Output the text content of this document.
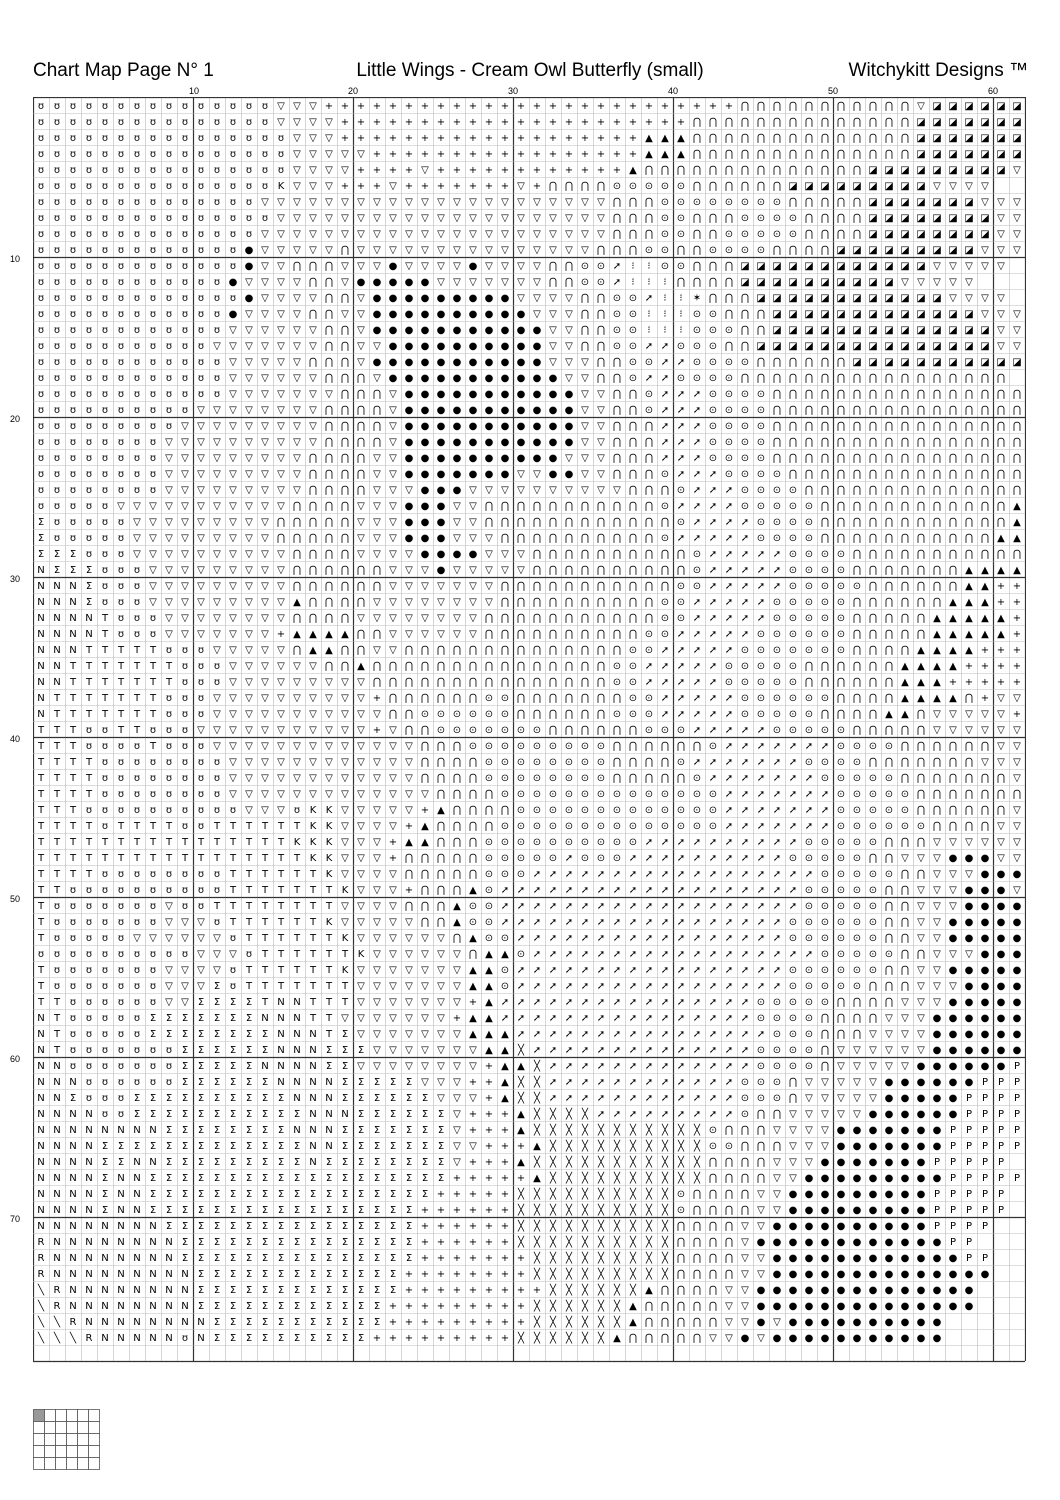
Chart Map Page N° 1	Little Wings - Cream Owl Butterfly (small)	Witchykitt Designs ™
10	20	30	40	50	60
10
20
30
40
50
60
70
ʊ ʊ ʊ ʊ ʊ ʊ ʊ ʊ ʊ ʊ ʊ ʊ ʊ ʊ ʊ ▽ ▽ ▽ + + + + + + + + + + + + + + + + + + + + + + + + + + ⋂ ⋂ ⋂ ⋂ ⋂ ⋂ ⋂ ⋂ ⋂ ⋂ ⋂ ▽ ◪ ◪ ◪ ◪ ◪ ◪
ʊ ʊ ʊ ʊ ʊ ʊ ʊ ʊ ʊ ʊ ʊ ʊ ʊ ʊ ʊ ▽ ▽ ▽ ▽ + + + + + + + + + + + + + + + + + + + + + + ⋂ ⋂ ⋂ ⋂ ⋂ ⋂ ⋂ ⋂ ⋂ ⋂ ⋂ ⋂ ⋂ ⋂ ◪ ◪ ◪ ◪ ◪ ◪ ◪
ʊ ʊ ʊ ʊ ʊ ʊ ʊ ʊ ʊ ʊ ʊ ʊ ʊ ʊ ʊ ʊ ▽ ▽ ▽ + + + + + + + + + + + + + + + + + + + ▲ ▲ ▲ ⋂ ⋂ ⋂ ⋂ ⋂ ⋂ ⋂ ⋂ ⋂ ⋂ ⋂ ⋂ ⋂ ⋂ ◪ ◪ ◪ ◪ ◪ ◪ ◪
ʊ ʊ ʊ ʊ ʊ ʊ ʊ ʊ ʊ ʊ ʊ ʊ ʊ ʊ ʊ ʊ ▽ ▽ ▽ ▽ ▽ + + + + + + + + + + + + + + + + + ▲ ▲ ▲ ⋂ ⋂ ⋂ ⋂ ⋂ ⋂ ⋂ ⋂ ⋂ ⋂ ⋂ ⋂ ⋂ ⋂ ◪ ◪ ◪ ◪ ◪ ◪ ◪
ʊ ʊ ʊ ʊ ʊ ʊ ʊ ʊ ʊ ʊ ʊ ʊ ʊ ʊ ʊ ʊ ▽ ▽ ▽ ▽ + + + + ▽ + + + + + + + + + + + + ▲ ⋂ ⋂ ⋂ ⋂ ⋂ ⋂ ⋂ ⋂ ⋂ ⋂ ⋂ ⋂ ⋂ ⋂ ◪ ◪ ◪ ◪ ◪ ◪ ◪ ◪ ◪ ▽
ʊ ʊ ʊ ʊ ʊ ʊ ʊ ʊ ʊ ʊ ʊ ʊ ʊ ʊ ʊ K ▽ ▽ ▽ + + + ▽ + + + + + + + ▽ + ⋂ ⋂ ⋂ ⋂ ⊙ ⊙ ⊙ ⊙ ⊙ ⋂ ⋂ ⋂ ⋂ ⋂ ⋂ ◪ ◪ ◪ ◪ ◪ ◪ ◪ ◪ ◪ ▽ ▽ ▽ ▽
ʊ ʊ ʊ ʊ ʊ ʊ ʊ ʊ ʊ ʊ ʊ ʊ ʊ ʊ ▽ ▽ ▽ ▽ ▽ ▽ ▽ ▽ ▽ ▽ ▽ ▽ ▽ ▽ ▽ ▽ ▽ ▽ ▽ ▽ ▽ ▽ ⋂ ⋂ ⋂ ⊙ ⊙ ⊙ ⊙ ⊙ ⊙ ⊙ ⊙ ⋂ ⋂ ⋂ ⋂ ⋂ ◪ ◪ ◪ ◪ ◪ ◪ ◪ ▽ ▽ ▽
ʊ ʊ ʊ ʊ ʊ ʊ ʊ ʊ ʊ ʊ ʊ ʊ ʊ ʊ ʊ ▽ ▽ ▽ ▽ ▽ ▽ ▽ ▽ ▽ ▽ ▽ ▽ ▽ ▽ ▽ ▽ ▽ ▽ ▽ ▽ ▽ ⋂ ⋂ ⋂ ⊙ ⊙ ⋂ ⋂ ⋂ ⊙ ⊙ ⊙ ⊙ ⋂ ⋂ ⋂ ⋂ ◪ ◪ ◪ ◪ ◪ ◪ ◪ ◪ ▽ ▽
ʊ ʊ ʊ ʊ ʊ ʊ ʊ ʊ ʊ ʊ ʊ ʊ ʊ ʊ ▽ ▽ ▽ ▽ ▽ ▽ ▽ ▽ ▽ ▽ ▽ ▽ ▽ ▽ ▽ ▽ ▽ ▽ ▽ ▽ ▽ ▽ ⋂ ⋂ ⋂ ⊙ ⊙ ⋂ ⋂ ⊙ ⊙ ⊙ ⊙ ⊙ ⋂ ⋂ ⋂ ⋂ ◪ ◪ ◪ ◪ ◪ ◪ ◪ ◪ ▽ ▽
ʊ ʊ ʊ ʊ ʊ ʊ ʊ ʊ ʊ ʊ ʊ ʊ ʊ ● ▽ ▽ ▽ ▽ ▽ ⋂ ▽ ▽ ▽ ▽ ▽ ▽ ▽ ▽ ▽ ▽ ▽ ▽ ▽ ▽ ▽ ⋂ ⋂ ⋂ ⊙ ⊙ ⋂ ⋂ ⊙ ⊙ ⊙ ⊙ ⋂ ⋂ ⋂ ⋂ ◪ ◪ ◪ ◪ ◪ ◪ ◪ ◪ ◪ ▽ ▽ ▽
ʊ ʊ ʊ ʊ ʊ ʊ ʊ ʊ ʊ ʊ ʊ ʊ ʊ ● ▽ ▽ ⋂ ⋂ ⋂ ▽ ▽ ▽ ● ▽ ▽ ▽ ▽ ● ▽ ▽ ▽ ▽ ⋂ ⋂ ⊙ ⊙ ➚ ⁝ ⁝ ⊙ ⊙ ⋂ ⋂ ⋂ ◪ ◪ ◪ ◪ ◪ ◪ ◪ ◪ ◪ ◪ ◪ ◪ ▽ ▽ ▽ ▽ ▽
ʊ ʊ ʊ ʊ ʊ ʊ ʊ ʊ ʊ ʊ ʊ ʊ ● ▽ ▽ ▽ ▽ ⋂ ⋂ ▽ ● ● ● ● ● ▽ ▽ ▽ ▽ ▽ ▽ ▽ ⋂ ⋂ ⊙ ⊙ ➚ ⁝ ⁝ ⁝ ⋂ ⋂ ⋂ ⋂ ◪ ◪ ◪ ◪ ◪ ◪ ◪ ◪ ◪ ◪ ▽ ▽ ▽ ▽ ▽
ʊ ʊ ʊ ʊ ʊ ʊ ʊ ʊ ʊ ʊ ʊ ʊ ʊ ● ▽ ▽ ▽ ▽ ⋂ ⋂ ▽ ● ● ● ● ● ● ● ● ● ▽ ▽ ▽ ▽ ⋂ ⋂ ⊙ ⊙ ➚ ⁝ ⁝ ✶ ⋂ ⋂ ⋂ ◪ ◪ ◪ ◪ ◪ ◪ ◪ ◪ ◪ ◪ ◪ ◪ ▽ ▽ ▽ ▽
ʊ ʊ ʊ ʊ ʊ ʊ ʊ ʊ ʊ ʊ ʊ ʊ ● ▽ ▽ ▽ ▽ ⋂ ⋂ ▽ ▽ ● ● ● ● ● ● ● ● ● ● ▽ ▽ ▽ ⋂ ⋂ ⊙ ⊙ ⁝ ⁝ ⁝ ⊙ ⊙ ⋂ ⋂ ⋂ ◪ ◪ ◪ ◪ ◪ ◪ ◪ ◪ ◪ ◪ ◪ ◪ ◪ ▽ ▽ ▽
ʊ ʊ ʊ ʊ ʊ ʊ ʊ ʊ ʊ ʊ ʊ ʊ ▽ ▽ ▽ ▽ ▽ ▽ ⋂ ⋂ ▽ ● ● ● ● ● ● ● ● ● ● ● ▽ ▽ ⋂ ⋂ ⊙ ⊙ ⁝ ⁝ ⁝ ⊙ ⊙ ⊙ ⋂ ⋂ ◪ ◪ ◪ ◪ ◪ ◪ ◪ ◪ ◪ ◪ ◪ ◪ ◪ ◪ ▽ ▽
ʊ ʊ ʊ ʊ ʊ ʊ ʊ ʊ ʊ ʊ ʊ ▽ ▽ ▽ ▽ ▽ ▽ ▽ ⋂ ⋂ ▽ ▽ ● ● ● ● ● ● ● ● ● ● ▽ ▽ ⋂ ⋂ ⊙ ⊙ ➚ ➚ ⊙ ⊙ ⊙ ⋂ ⋂ ◪ ◪ ◪ ◪ ◪ ◪ ◪ ◪ ◪ ◪ ◪ ◪ ◪ ◪ ◪ ▽ ▽
ʊ ʊ ʊ ʊ ʊ ʊ ʊ ʊ ʊ ʊ ʊ ʊ ▽ ▽ ▽ ▽ ▽ ⋂ ⋂ ⋂ ▽ ● ● ● ● ● ● ● ● ● ● ● ▽ ▽ ▽ ⋂ ⋂ ⊙ ⊙ ➚ ➚ ⊙ ⊙ ⊙ ⊙ ⋂ ⋂ ⋂ ⋂ ⋂ ⋂ ◪ ◪ ◪ ◪ ◪ ◪ ◪ ◪ ◪ ◪ ◪
ʊ ʊ ʊ ʊ ʊ ʊ ʊ ʊ ʊ ʊ ʊ ʊ ▽ ▽ ▽ ▽ ▽ ▽ ⋂ ⋂ ⋂ ▽ ● ● ● ● ● ● ● ● ● ● ● ▽ ▽ ⋂ ⋂ ⊙ ➚ ➚ ⊙ ⊙ ⊙ ⊙ ⋂ ⋂ ⋂ ⋂ ⋂ ⋂ ⋂ ⋂ ⋂ ⋂ ⋂ ⋂ ⋂ ⋂ ⋂ ⋂ ⋂
ʊ ʊ ʊ ʊ ʊ ʊ ʊ ʊ ʊ ʊ ʊ ʊ ▽ ▽ ▽ ▽ ▽ ▽ ▽ ⋂ ⋂ ⋂ ▽ ● ● ● ● ● ● ● ● ● ● ● ▽ ▽ ⋂ ⋂ ⊙ ➚ ➚ ➚ ⊙ ⊙ ⊙ ⊙ ⋂ ⋂ ⋂ ⋂ ⋂ ⋂ ⋂ ⋂ ⋂ ⋂ ⋂ ⋂ ⋂ ⋂ ⋂ ⋂
ʊ ʊ ʊ ʊ ʊ ʊ ʊ ʊ ʊ ʊ ▽ ▽ ▽ ▽ ▽ ▽ ▽ ▽ ⋂ ⋂ ⋂ ⋂ ▽ ● ● ● ● ● ● ● ● ● ● ● ▽ ▽ ⋂ ⋂ ⊙ ➚ ➚ ➚ ⊙ ⊙ ⊙ ⊙ ⋂ ⋂ ⋂ ⋂ ⋂ ⋂ ⋂ ⋂ ⋂ ⋂ ⋂ ⋂ ⋂ ⋂ ⋂ ⋂
ʊ ʊ ʊ ʊ ʊ ʊ ʊ ʊ ʊ ▽ ▽ ▽ ▽ ▽ ▽ ▽ ▽ ▽ ⋂ ⋂ ⋂ ⋂ ▽ ● ● ● ● ● ● ● ● ● ● ● ▽ ▽ ⋂ ⋂ ⋂ ➚ ➚ ➚ ⊙ ⊙ ⊙ ⊙ ⋂ ⋂ ⋂ ⋂ ⋂ ⋂ ⋂ ⋂ ⋂ ⋂ ⋂ ⋂ ⋂ ⋂ ⋂ ⋂
ʊ ʊ ʊ ʊ ʊ ʊ ʊ ʊ ▽ ▽ ▽ ▽ ▽ ▽ ▽ ▽ ▽ ▽ ⋂ ⋂ ⋂ ⋂ ▽ ● ● ● ● ● ● ● ● ● ● ● ▽ ▽ ⋂ ⋂ ⋂ ➚ ➚ ➚ ⊙ ⊙ ⊙ ⊙ ⋂ ⋂ ⋂ ⋂ ⋂ ⋂ ⋂ ⋂ ⋂ ⋂ ⋂ ⋂ ⋂ ⋂ ⋂ ⋂
ʊ ʊ ʊ ʊ ʊ ʊ ʊ ʊ ▽ ▽ ▽ ▽ ▽ ▽ ▽ ▽ ▽ ⋂ ⋂ ⋂ ⋂ ▽ ▽ ● ● ● ● ● ● ● ● ● ● ▽ ▽ ▽ ⋂ ⋂ ⋂ ➚ ➚ ➚ ⊙ ⊙ ⊙ ⊙ ⋂ ⋂ ⋂ ⋂ ⋂ ⋂ ⋂ ⋂ ⋂ ⋂ ⋂ ⋂ ⋂ ⋂ ⋂ ⋂
ʊ ʊ ʊ ʊ ʊ ʊ ʊ ʊ ▽ ▽ ▽ ▽ ▽ ▽ ▽ ▽ ▽ ⋂ ⋂ ⋂ ⋂ ▽ ▽ ● ● ● ● ● ● ● ▽ ▽ ● ● ▽ ▽ ⋂ ⋂ ⋂ ⊙ ➚ ➚ ➚ ⊙ ⊙ ⊙ ⊙ ⋂ ⋂ ⋂ ⋂ ⋂ ⋂ ⋂ ⋂ ⋂ ⋂ ⋂ ⋂ ⋂ ⋂ ⋂
ʊ ʊ ʊ ʊ ʊ ʊ ʊ ʊ ▽ ▽ ▽ ▽ ▽ ▽ ▽ ▽ ▽ ⋂ ⋂ ⋂ ⋂ ▽ ▽ ▽ ● ● ● ▽ ▽ ▽ ▽ ▽ ▽ ▽ ▽ ▽ ▽ ⋂ ⋂ ⋂ ⊙ ➚ ➚ ➚ ⊙ ⊙ ⊙ ⊙ ⋂ ⋂ ⋂ ⋂ ⋂ ⋂ ⋂ ⋂ ⋂ ⋂ ⋂ ⋂ ⋂ ⋂
ʊ ʊ ʊ ʊ ʊ ▽ ▽ ▽ ▽ ▽ ▽ ▽ ▽ ▽ ▽ ▽ ⋂ ⋂ ⋂ ⋂ ▽ ▽ ▽ ● ● ● ▽ ▽ ⋂ ⋂ ⋂ ⋂ ⋂ ⋂ ⋂ ⋂ ⋂ ⋂ ⋂ ⊙ ➚ ➚ ➚ ➚ ⊙ ⊙ ⊙ ⊙ ⊙ ⋂ ⋂ ⋂ ⋂ ⋂ ⋂ ⋂ ⋂ ⋂ ⋂ ⋂ ⋂ ▲
Σ ʊ ʊ ʊ ʊ ʊ ▽ ▽ ▽ ▽ ▽ ▽ ▽ ▽ ▽ ⋂ ⋂ ⋂ ⋂ ⋂ ▽ ▽ ▽ ● ● ● ▽ ▽ ⋂ ⋂ ⋂ ⋂ ⋂ ⋂ ⋂ ⋂ ⋂ ⋂ ⋂ ⋂ ⊙ ➚ ➚ ➚ ➚ ⊙ ⊙ ⊙ ⊙ ⋂ ⋂ ⋂ ⋂ ⋂ ⋂ ⋂ ⋂ ⋂ ⋂ ⋂ ⋂ ▲
Σ ʊ ʊ ʊ ʊ ʊ ▽ ▽ ▽ ▽ ▽ ▽ ▽ ▽ ▽ ⋂ ⋂ ⋂ ⋂ ⋂ ▽ ▽ ▽ ● ● ● ▽ ▽ ▽ ⋂ ⋂ ⋂ ⋂ ⋂ ⋂ ⋂ ⋂ ⋂ ⋂ ⊙ ➚ ➚ ➚ ➚ ➚ ⊙ ⊙ ⊙ ⊙ ⋂ ⋂ ⋂ ⋂ ⋂ ⋂ ⋂ ⋂ ⋂ ⋂ ⋂ ▲ ▲
Σ Σ Σ ʊ ʊ ʊ ▽ ▽ ▽ ▽ ▽ ▽ ▽ ▽ ▽ ▽ ⋂ ⋂ ⋂ ⋂ ▽ ▽ ▽ ▽ ● ● ● ● ▽ ▽ ▽ ⋂ ⋂ ⋂ ⋂ ⋂ ⋂ ⋂ ⋂ ⋂ ⋂ ⊙ ➚ ➚ ➚ ➚ ➚ ⊙ ⊙ ⊙ ⊙ ⋂ ⋂ ⋂ ⋂ ⋂ ⋂ ⋂ ⋂ ⋂ ⋂ ⋂
N Σ Σ Σ ʊ ʊ ʊ ▽ ▽ ▽ ▽ ▽ ▽ ▽ ▽ ▽ ⋂ ⋂ ⋂ ⋂ ⋂ ⋂ ▽ ▽ ▽ ● ▽ ▽ ▽ ▽ ▽ ⋂ ⋂ ⋂ ⋂ ⋂ ⋂ ⋂ ⋂ ⋂ ⋂ ⊙ ➚ ➚ ➚ ➚ ➚ ⊙ ⊙ ⊙ ⊙ ⋂ ⋂ ⋂ ⋂ ⋂ ⋂ ⋂ ▲ ▲ ▲ ▲
N N N Σ ʊ ʊ ʊ ▽ ▽ ▽ ▽ ▽ ▽ ▽ ▽ ▽ ⋂ ⋂ ⋂ ⋂ ⋂ ⋂ ▽ ▽ ▽ ▽ ▽ ▽ ▽ ⋂ ⋂ ⋂ ⋂ ⋂ ⋂ ⋂ ⋂ ⋂ ⋂ ⋂ ⊙ ⊙ ➚ ➚ ➚ ➚ ➚ ⊙ ⊙ ⊙ ⊙ ⊙ ⋂ ⋂ ⋂ ⋂ ⋂ ⋂ ▲ ▲ + +
N N N Σ ʊ ʊ ʊ ▽ ▽ ▽ ▽ ▽ ▽ ▽ ▽ ▽ ▲ ⋂ ⋂ ⋂ ⋂ ▽ ▽ ▽ ▽ ▽ ▽ ▽ ▽ ⋂ ⋂ ⋂ ⋂ ⋂ ⋂ ⋂ ⋂ ⋂ ⋂ ⊙ ⊙ ➚ ➚ ➚ ➚ ➚ ⊙ ⊙ ⊙ ⊙ ⊙ ⋂ ⋂ ⋂ ⋂ ⋂ ⋂ ▲ ▲ ▲ + +
N N N N T ʊ ʊ ʊ ▽ ▽ ▽ ▽ ▽ ▽ ▽ ▽ ⋂ ⋂ ⋂ ⋂ ▽ ▽ ▽ ▽ ▽ ▽ ▽ ▽ ⋂ ⋂ ⋂ ⋂ ⋂ ⋂ ⋂ ⋂ ⋂ ⋂ ⋂ ⊙ ⊙ ➚ ➚ ➚ ➚ ➚ ⊙ ⊙ ⊙ ⊙ ⊙ ⋂ ⋂ ⋂ ⋂ ⋂ ▲ ▲ ▲ ▲ ▲ +
N N N N T ʊ ʊ ʊ ▽ ▽ ▽ ▽ ▽ ▽ ▽ + ▲ ▲ ▲ ▲ ⋂ ⋂ ▽ ▽ ▽ ▽ ▽ ▽ ⋂ ⋂ ⋂ ⋂ ⋂ ⋂ ⋂ ⋂ ⋂ ⋂ ⊙ ⊙ ➚ ➚ ➚ ➚ ➚ ⊙ ⊙ ⊙ ⊙ ⊙ ⊙ ⋂ ⋂ ⋂ ⋂ ⋂ ▲ ▲ ▲ ▲ ▲ +
N N N T T T T T ʊ ʊ ʊ ▽ ▽ ▽ ▽ ▽ ⋂ ▲ ▲ ⋂ ⋂ ▽ ▽ ⋂ ⋂ ⋂ ⋂ ⋂ ⋂ ⋂ ⋂ ⋂ ⋂ ⋂ ⋂ ⋂ ⋂ ⊙ ⊙ ➚ ➚ ➚ ➚ ➚ ⊙ ⊙ ⊙ ⊙ ⊙ ⊙ ⊙ ⋂ ⋂ ⋂ ⋂ ▲ ▲ ▲ ▲ + + +
N N T T T T T T T ʊ ʊ ʊ ▽ ▽ ▽ ▽ ▽ ▽ ⋂ ⋂ ▲ ⋂ ⋂ ⋂ ⋂ ⋂ ⋂ ⋂ ⋂ ⋂ ⋂ ⋂ ⋂ ⋂ ⋂ ⋂ ⊙ ⊙ ➚ ➚ ➚ ➚ ➚ ⊙ ⊙ ⊙ ⊙ ⊙ ⋂ ⋂ ⋂ ⋂ ⋂ ⋂ ▲ ▲ ▲ ▲ + + + +
N N T T T T T T T ʊ ʊ ʊ ▽ ▽ ▽ ▽ ▽ ▽ ▽ ▽ ▽ ⋂ ⋂ ⋂ ⋂ ⋂ ⋂ ⋂ ⋂ ⋂ ⋂ ⋂ ⋂ ⋂ ⋂ ⋂ ⊙ ⊙ ➚ ➚ ➚ ➚ ➚ ⊙ ⊙ ⊙ ⊙ ⊙ ⋂ ⋂ ⋂ ⋂ ⋂ ⋂ ▲ ▲ ▲ + + + + +
N T T T T T T T ʊ ʊ ʊ ▽ ▽ ▽ ▽ ▽ ▽ ▽ ▽ ▽ ▽ + ⋂ ⋂ ⋂ ⋂ ⋂ ⋂ ⊙ ⊙ ⋂ ⋂ ⋂ ⋂ ⋂ ⋂ ⋂ ⊙ ⊙ ➚ ➚ ➚ ➚ ➚ ⊙ ⊙ ⊙ ⊙ ⊙ ⊙ ⋂ ⋂ ⋂ ⋂ ▲ ▲ ▲ ▲ ⋂ + ▽ ▽
N T T T T T T T ʊ ʊ ʊ ▽ ▽ ▽ ▽ ▽ ▽ ▽ ▽ ▽ ▽ ▽ ⋂ ⋂ ⊙ ⊙ ⊙ ⊙ ⊙ ⊙ ⋂ ⋂ ⋂ ⋂ ⋂ ⋂ ⊙ ⊙ ⊙ ➚ ➚ ➚ ➚ ➚ ⊙ ⊙ ⊙ ⊙ ⊙ ⋂ ⋂ ⋂ ⋂ ▲ ▲ ⋂ ▽ ▽ ▽ ▽ ▽ +
T T T ʊ ʊ T T ʊ ʊ ʊ ▽ ▽ ▽ ▽ ▽ ▽ ▽ ▽ ▽ ▽ ▽ + ▽ ⋂ ⋂ ⊙ ⊙ ⊙ ⊙ ⊙ ⊙ ⊙ ⋂ ⋂ ⋂ ⋂ ⋂ ⋂ ⊙ ⊙ ⊙ ➚ ➚ ➚ ➚ ➚ ⊙ ⊙ ⊙ ⊙ ⊙ ⋂ ⋂ ⋂ ⋂ ⋂ ▽ ▽ ▽ ▽ ▽ ▽
T T T ʊ ʊ ʊ ʊ T ʊ ʊ ʊ ▽ ▽ ▽ ▽ ▽ ▽ ▽ ▽ ▽ ▽ ▽ ▽ ▽ ⋂ ⋂ ⋂ ⊙ ⊙ ⊙ ⊙ ⊙ ⊙ ⊙ ⊙ ⊙ ⋂ ⋂ ⋂ ⋂ ⋂ ⋂ ⊙ ➚ ➚ ➚ ➚ ➚ ➚ ➚ ⊙ ⊙ ⊙ ⊙ ⋂ ⋂ ⋂ ⋂ ⋂ ⋂ ▽ ▽
T T T T ʊ ʊ ʊ ʊ ʊ ʊ ʊ ʊ ▽ ▽ ▽ ▽ ▽ ▽ ▽ ▽ ▽ ▽ ▽ ▽ ⋂ ⋂ ⋂ ⋂ ⊙ ⊙ ⊙ ⊙ ⊙ ⊙ ⊙ ⊙ ⋂ ⋂ ⋂ ⋂ ⊙ ➚ ➚ ➚ ➚ ➚ ➚ ➚ ⊙ ⊙ ⊙ ⊙ ⋂ ⋂ ⋂ ⋂ ⋂ ⋂ ⋂ ▽ ▽ ▽
T T T T ʊ ʊ ʊ ʊ ʊ ʊ ʊ ʊ ▽ ▽ ▽ ▽ ▽ ▽ ▽ ▽ ▽ ▽ ▽ ▽ ⋂ ⋂ ⋂ ⋂ ⊙ ⊙ ⊙ ⊙ ⊙ ⊙ ⊙ ⊙ ⋂ ⋂ ⋂ ⋂ ⋂ ⊙ ➚ ➚ ➚ ➚ ➚ ➚ ➚ ⊙ ⊙ ⊙ ⊙ ⊙ ⋂ ⋂ ⋂ ⋂ ⋂ ⋂ ⋂ ▽
T T T T ʊ ʊ ʊ ʊ ʊ ʊ ʊ ʊ ▽ ▽ ▽ ▽ ▽ ▽ ▽ ▽ ▽ ▽ ▽ ▽ ▽ ⋂ ⋂ ⋂ ⋂ ⊙ ⊙ ⊙ ⊙ ⊙ ⊙ ⊙ ⊙ ⊙ ⊙ ⊙ ⊙ ⊙ ⊙ ➚ ➚ ➚ ➚ ➚ ➚ ➚ ⊙ ⊙ ⊙ ⊙ ⊙ ⋂ ⋂ ⋂ ⋂ ⋂ ⋂ ⋂
T T T ʊ ʊ ʊ ʊ ʊ ʊ ʊ ʊ ʊ ʊ ▽ ▽ ▽ ʊ K K ▽ ▽ ▽ ▽ ▽ + ▲ ⋂ ⋂ ⋂ ⋂ ⊙ ⊙ ⊙ ⊙ ⊙ ⊙ ⊙ ⊙ ⊙ ⊙ ⊙ ⊙ ⊙ ➚ ➚ ➚ ➚ ➚ ➚ ➚ ⊙ ⊙ ⊙ ⊙ ⊙ ⋂ ⋂ ⋂ ⋂ ⋂ ⋂ ▽
T T T T ʊ T T T T ʊ ʊ T T T T T T K K ▽ ▽ ▽ ▽ + ▲ ⋂ ⋂ ⋂ ⋂ ⊙ ⊙ ⊙ ⊙ ⊙ ⊙ ⊙ ⊙ ⊙ ⊙ ⊙ ⊙ ⊙ ⊙ ➚ ➚ ➚ ➚ ➚ ➚ ➚ ⊙ ⊙ ⊙ ⊙ ⊙ ⊙ ⋂ ⋂ ⋂ ⋂ ▽ ▽
T T T T T T T T T T T T T T T T K K K ▽ ▽ ▽ + ▲ ▲ ⋂ ⋂ ⋂ ⊙ ⊙ ⊙ ⊙ ⊙ ⊙ ⊙ ⊙ ⊙ ⊙ ➚ ➚ ➚ ➚ ➚ ➚ ➚ ➚ ➚ ➚ ⊙ ⊙ ⊙ ⊙ ⊙ ⋂ ⋂ ⋂ ▽ ▽ ▽ ▽ ▽ ▽
T T T T T T T T T T T T T T T T T K K ▽ ▽ ▽ + ⋂ ⋂ ⋂ ⋂ ⋂ ⊙ ⊙ ⊙ ⊙ ⊙ ➚ ⊙ ⊙ ⊙ ➚ ➚ ➚ ➚ ➚ ➚ ➚ ➚ ➚ ➚ ⊙ ⊙ ⊙ ⊙ ⊙ ⋂ ⋂ ▽ ▽ ▽ ● ● ● ▽ ▽
T T T T ʊ ʊ ʊ ʊ ʊ ʊ ʊ ʊ T T T T T T K ▽ ▽ ▽ ▽ ⋂ ⋂ ⋂ ⋂ ⋂ ⊙ ⊙ ⊙ ➚ ➚ ➚ ➚ ➚ ➚ ➚ ➚ ➚ ➚ ➚ ➚ ➚ ➚ ➚ ➚ ➚ ➚ ⊙ ⊙ ⊙ ⊙ ⊙ ⋂ ⋂ ▽ ▽ ▽ ● ● ●
T T ʊ ʊ ʊ ʊ ʊ ʊ ʊ ʊ ʊ ʊ T T T T T T T K ▽ ▽ ▽ + ⋂ ⋂ ⋂ ▲ ⊙ ➚ ➚ ➚ ➚ ➚ ➚ ➚ ➚ ➚ ➚ ➚ ➚ ➚ ➚ ➚ ➚ ➚ ➚ ➚ ⊙ ⊙ ⊙ ⊙ ⊙ ⋂ ⋂ ▽ ▽ ▽ ● ● ● ▽
T ʊ ʊ ʊ ʊ ʊ ʊ ʊ ▽ ʊ ʊ T T T T T T T T ▽ ▽ ▽ ▽ ⋂ ⋂ ⋂ ▲ ⊙ ⊙ ➚ ➚ ➚ ➚ ➚ ➚ ➚ ➚ ➚ ➚ ➚ ➚ ➚ ➚ ➚ ➚ ➚ ➚ ➚ ⊙ ⊙ ⊙ ⊙ ⊙ ⋂ ⋂ ▽ ▽ ▽ ● ● ● ●
T ʊ ʊ ʊ ʊ ʊ ʊ ʊ ▽ ▽ ▽ ʊ T T T T T T K ▽ ▽ ▽ ▽ ▽ ⋂ ⋂ ▲ ⊙ ⊙ ➚ ➚ ➚ ➚ ➚ ➚ ➚ ➚ ➚ ➚ ➚ ➚ ➚ ➚ ➚ ➚ ➚ ➚ ⊙ ⊙ ⊙ ⊙ ⊙ ⊙ ⋂ ⋂ ▽ ▽ ● ● ● ● ●
T ʊ ʊ ʊ ʊ ʊ ▽ ▽ ▽ ▽ ▽ ▽ ʊ T T T T T T K ▽ ▽ ▽ ▽ ▽ ▽ ⋂ ▲ ⊙ ⊙ ➚ ➚ ➚ ➚ ➚ ➚ ➚ ➚ ➚ ➚ ➚ ➚ ➚ ➚ ➚ ➚ ➚ ⊙ ⊙ ⊙ ⊙ ⊙ ⊙ ⋂ ⋂ ▽ ▽ ● ● ● ● ●
ʊ ʊ ʊ ʊ ʊ ʊ ʊ ʊ ʊ ʊ ▽ ▽ ▽ ʊ T T T T T T K ▽ ▽ ▽ ▽ ▽ ▽ ⋂ ▲ ▲ ⊙ ➚ ➚ ➚ ➚ ➚ ➚ ➚ ➚ ➚ ➚ ➚ ➚ ➚ ➚ ➚ ➚ ➚ ➚ ⊙ ⊙ ⊙ ⊙ ⊙ ⋂ ⋂ ▽ ▽ ▽ ● ● ●
T ʊ ʊ ʊ ʊ ʊ ʊ ʊ ▽ ▽ ▽ ▽ ʊ T T T T T T K ▽ ▽ ▽ ▽ ▽ ▽ ▽ ▲ ▲ ⊙ ➚ ➚ ➚ ➚ ➚ ➚ ➚ ➚ ➚ ➚ ➚ ➚ ➚ ➚ ➚ ➚ ➚ ⊙ ⊙ ⊙ ⊙ ⊙ ⊙ ⋂ ⋂ ▽ ▽ ● ● ● ● ●
T ʊ ʊ ʊ ʊ ʊ ʊ ʊ ▽ ▽ ▽ Σ ʊ T T T T T T T ▽ ▽ ▽ ▽ ▽ ▽ ▽ ▲ ▲ ⊙ ➚ ➚ ➚ ➚ ➚ ➚ ➚ ➚ ➚ ➚ ➚ ➚ ➚ ➚ ➚ ➚ ➚ ⊙ ⊙ ⊙ ⊙ ⊙ ⋂ ⋂ ⋂ ▽ ▽ ▽ ● ● ● ●
T T ʊ ʊ ʊ ʊ ʊ ʊ ▽ ▽ Σ Σ Σ Σ T N N T T T ▽ ▽ ▽ ▽ ▽ ▽ ▽ + ▲ ➚ ➚ ➚ ➚ ➚ ➚ ➚ ➚ ➚ ➚ ➚ ➚ ➚ ➚ ➚ ➚ ⊙ ⊙ ⊙ ⊙ ⊙ ⋂ ⋂ ⋂ ⋂ ▽ ▽ ▽ ● ● ● ● ●
N T ʊ ʊ ʊ ʊ ʊ Σ Σ Σ Σ Σ Σ Σ N N N T T ▽ ▽ ▽ ▽ ▽ ▽ ▽ + ▲ ▲ ➚ ➚ ➚ ➚ ➚ ➚ ➚ ➚ ➚ ➚ ➚ ➚ ➚ ➚ ➚ ➚ ⊙ ⊙ ⊙ ⊙ ⋂ ⋂ ⋂ ⋂ ▽ ▽ ▽ ● ● ● ● ● ●
N T ʊ ʊ ʊ ʊ ʊ Σ Σ Σ Σ Σ Σ Σ Σ N N N T Σ ▽ ▽ ▽ ▽ ▽ ▽ ▽ ▲ ▲ ▲ ➚ ➚ ➚ ➚ ➚ ➚ ➚ ➚ ➚ ➚ ➚ ➚ ➚ ➚ ➚ ➚ ⊙ ⊙ ⊙ ⋂ ⋂ ⋂ ▽ ▽ ▽ ▽ ● ● ● ● ● ●
N T ʊ ʊ ʊ ʊ ʊ ʊ ʊ Σ Σ Σ Σ Σ Σ N N N Σ Σ Σ ▽ ▽ ▽ ▽ ▽ ▽ ▽ ▲ ▲ ╳ ➚ ➚ ➚ ➚ ➚ ➚ ➚ ➚ ➚ ➚ ➚ ➚ ➚ ➚ ⊙ ⊙ ⊙ ⊙ ⋂ ▽ ▽ ▽ ▽ ▽ ▽ ● ● ● ● ● ●
N N ʊ ʊ ʊ ʊ ʊ ʊ ʊ Σ Σ Σ Σ Σ N N N N Σ Σ ▽ ▽ ▽ ▽ ▽ ▽ ▽ ▽ + ▲ ▲ ╳ ➚ ➚ ➚ ➚ ➚ ➚ ➚ ➚ ➚ ➚ ➚ ➚ ➚ ⊙ ⊙ ⊙ ⊙ ⋂ ▽ ▽ ▽ ▽ ▽ ● ● ● ● ● ● P
N N N ʊ ʊ ʊ ʊ ʊ ʊ Σ Σ Σ Σ Σ Σ N N N N Σ Σ Σ Σ Σ ▽ ▽ ▽ + + ▲ ╳ ╳ ➚ ➚ ➚ ➚ ➚ ➚ ➚ ➚ ➚ ➚ ➚ ➚ ⊙ ⊙ ⊙ ⋂ ▽ ▽ ▽ ▽ ▽ ● ● ● ● ● ● P P P
N N Σ ʊ ʊ ʊ Σ Σ Σ Σ Σ Σ Σ Σ Σ Σ N N N Σ Σ Σ Σ Σ Σ ▽ ▽ ▽ + ▲ ╳ ╳ ➚ ➚ ➚ ➚ ➚ ➚ ➚ ➚ ➚ ➚ ➚ ➚ ⊙ ⊙ ⊙ ⋂ ▽ ▽ ▽ ▽ ▽ ● ● ● ● ● P P P P
N N N N ʊ ʊ Σ Σ Σ Σ Σ Σ Σ Σ Σ Σ Σ N N N Σ Σ Σ Σ Σ Σ ▽ + + + ▲ ╳ ╳ ╳ ╳ ➚ ➚ ➚ ➚ ➚ ➚ ➚ ➚ ➚ ⊙ ⋂ ⋂ ▽ ▽ ▽ ▽ ▽ ● ● ● ● ● ● P P P P
N N N N N N N N Σ Σ Σ Σ Σ Σ Σ Σ N N N Σ Σ Σ Σ Σ Σ Σ ▽ + + + ▲ ╳ ╳ ╳ ╳ ╳ ╳ ╳ ╳ ╳ ╳ ╳ ⊙ ⋂ ⋂ ⋂ ▽ ▽ ▽ ▽ ● ● ● ● ● ● ● P P P P P
N N N N Σ Σ Σ Σ Σ Σ Σ Σ Σ Σ Σ Σ Σ N N Σ Σ Σ Σ Σ Σ Σ ▽ ▽ + + + ▲ ╳ ╳ ╳ ╳ ╳ ╳ ╳ ╳ ╳ ╳ ⊙ ⊙ ⋂ ⋂ ⋂ ▽ ▽ ▽ ● ● ● ● ● ● ● P P P P P
N N N N Σ Σ N N Σ Σ Σ Σ Σ Σ Σ Σ Σ N Σ Σ Σ Σ Σ Σ Σ Σ ▽ + + + ▲ ╳ ╳ ╳ ╳ ╳ ╳ ╳ ╳ ╳ ╳ ╳ ⋂ ⋂ ⋂ ⋂ ▽ ▽ ▽ ● ● ● ● ● ● ● P P P P P
N N N N Σ N N Σ Σ Σ Σ Σ Σ Σ Σ Σ Σ Σ Σ Σ Σ Σ Σ Σ Σ Σ + + + + + ▲ ╳ ╳ ╳ ╳ ╳ ╳ ╳ ╳ ╳ ╳ ⋂ ⋂ ⋂ ⋂ ▽ ▽ ● ● ● ● ● ● ● ● ● P P P P P
N N N N Σ N N Σ Σ Σ Σ Σ Σ Σ Σ Σ Σ Σ Σ Σ Σ Σ Σ Σ Σ + + + + + ╳ ╳ ╳ ╳ ╳ ╳ ╳ ╳ ╳ ╳ ⊙ ⋂ ⋂ ⋂ ⋂ ▽ ▽ ● ● ● ● ● ● ● ● ● P P P P P
N N N N Σ N N Σ Σ Σ Σ Σ Σ Σ Σ Σ Σ Σ Σ Σ Σ Σ Σ Σ + + + + + + ╳ ╳ ╳ ╳ ╳ ╳ ╳ ╳ ╳ ╳ ⊙ ⋂ ⋂ ⋂ ⋂ ▽ ▽ ● ● ● ● ● ● ● ● ● P P P P P
N N N N N N N N Σ Σ Σ Σ Σ Σ Σ Σ Σ Σ Σ Σ Σ Σ Σ Σ + + + + + + ╳ ╳ ╳ ╳ ╳ ╳ ╳ ╳ ╳ ╳ ⋂ ⋂ ⋂ ⋂ ▽ ▽ ● ● ● ● ● ● ● ● ● ● P P P P
R N N N N N N N N Σ Σ Σ Σ Σ Σ Σ Σ Σ Σ Σ Σ Σ Σ Σ + + + + + + ╳ ╳ ╳ ╳ ╳ ╳ ╳ ╳ ╳ ╳ ⋂ ⋂ ⋂ ⋂ ▽ ● ● ● ● ● ● ● ● ● ● ● ● P P
R N N N N N N N N Σ Σ Σ Σ Σ Σ Σ Σ Σ Σ Σ Σ Σ Σ Σ + + + + + + + ╳ ╳ ╳ ╳ ╳ ╳ ╳ ╳ ╳ ⋂ ⋂ ⋂ ⋂ ▽ ▽ ● ● ● ● ● ● ● ● ● ● ● ● P P
R N N N N N N N N N Σ Σ Σ Σ Σ Σ Σ Σ Σ Σ Σ Σ Σ + + + + + + + + ╳ ╳ ╳ ╳ ╳ ╳ ╳ ╳ ╳ ⋂ ⋂ ⋂ ⋂ ▽ ▽ ● ● ● ● ● ● ● ● ● ● ● ● ● ●
╲ R N N N N N N N N Σ Σ Σ Σ Σ Σ Σ Σ Σ Σ Σ Σ Σ + + + + + + + + + ╳ ╳ ╳ ╳ ╳ ╳ ▲ ⋂ ⋂ ⋂ ⋂ ▽ ▽ ● ● ● ● ● ● ● ● ● ● ● ● ● ●
╲ R N N N N N N N N Σ Σ Σ Σ Σ Σ Σ Σ Σ Σ Σ Σ + + + + + + + + + ╳ ╳ ╳ ╳ ╳ ╳ ▲ ⋂ ⋂ ⋂ ⋂ ⋂ ▽ ▽ ● ● ● ● ● ● ● ● ● ● ● ● ● ●
╲ ╲ R N N N N N N N N Σ Σ Σ Σ Σ Σ Σ Σ Σ Σ Σ + + + + + + + + + ╳ ╳ ╳ ╳ ╳ ╳ ▲ ⋂ ⋂ ⋂ ⋂ ⋂ ▽ ▽ ● ▽ ● ● ● ● ● ● ● ● ● ●
╲ ╲ ╲ R N N N N N ʊ N Σ Σ Σ Σ Σ Σ Σ Σ Σ Σ + + + + + + + + + ╳ ╳ ╳ ╳ ╳ ╳ ▲ ⋂ ⋂ ⋂ ⋂ ⋂ ▽ ▽ ● ▽ ● ● ● ● ● ● ● ● ● ● ●
